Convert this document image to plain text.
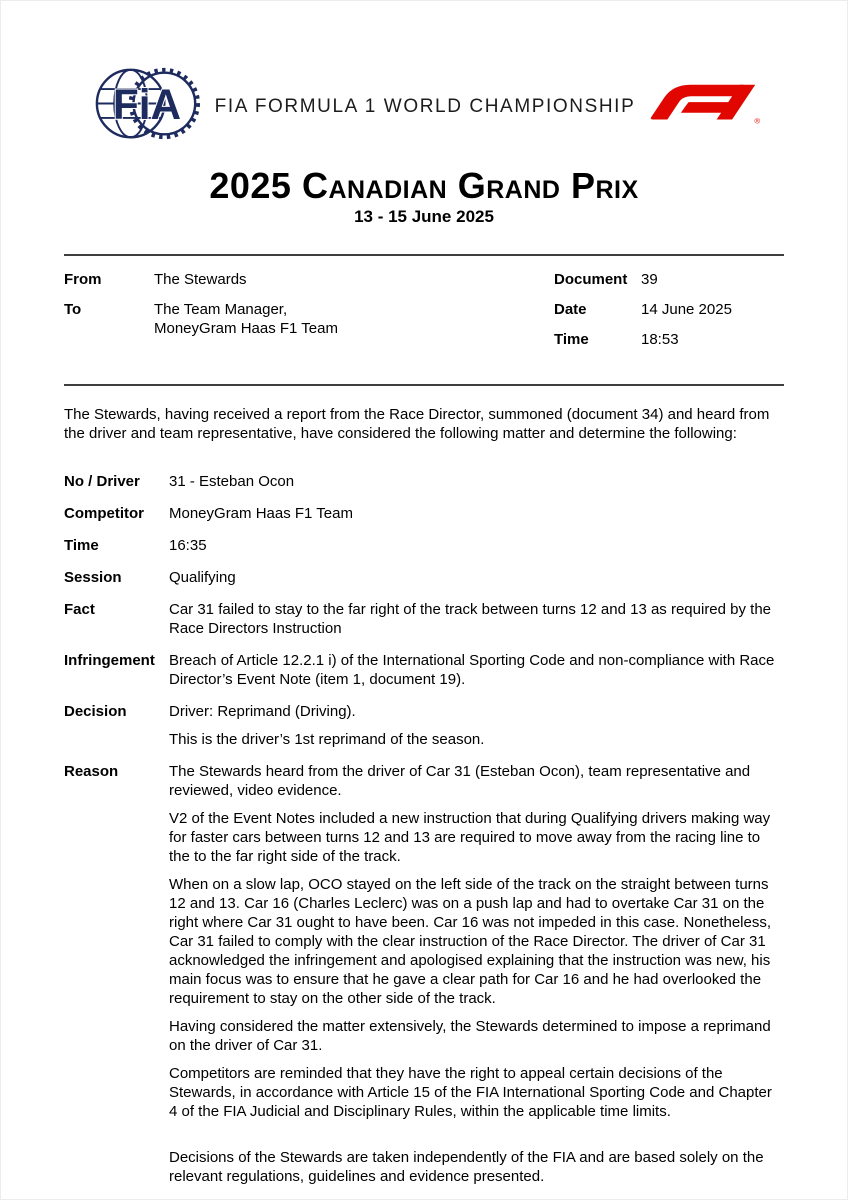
FiA	FIA FORMULA 1 WORLD CHAMPIONSHIP
®
2025 Canadian Grand Prix
13 - 15 June 2025
From	The Stewards
To	The Team Manager,
MoneyGram Haas F1 Team
Document 39
Date	14 June 2025
Time	18:53
The Stewards, having received a report from the Race Director, summoned (document 34) and heard from the driver and team representative, have considered the following matter and determine the following:
No / Driver	31 - Esteban Ocon
Competitor	MoneyGram Haas F1 Team
Time	16:35
Session	Qualifying
Fact	Car 31 failed to stay to the far right of the track between turns 12 and 13 as required by the Race Directors Instruction
Infringement Breach of Article 12.2.1 i) of the International Sporting Code and non-compliance with Race Director’s Event Note (item 1, document 19).
Decision	Driver: Reprimand (Driving).

This is the driver’s 1st reprimand of the season.

Reason	The Stewards heard from the driver of Car 31 (Esteban Ocon), team representative and reviewed, video evidence.

V2 of the Event Notes included a new instruction that during Qualifying drivers making way for faster cars between turns 12 and 13 are required to move away from the racing line to the to the far right side of the track.

When on a slow lap, OCO stayed on the left side of the track on the straight between turns 12 and 13. Car 16 (Charles Leclerc) was on a push lap and had to overtake Car 31 on the right where Car 31 ought to have been. Car 16 was not impeded in this case. Nonetheless, Car 31 failed to comply with the clear instruction of the Race Director. The driver of Car 31 acknowledged the infringement and apologised explaining that the instruction was new, his main focus was to ensure that he gave a clear path for Car 16 and he had overlooked the requirement to stay on the other side of the track.

Having considered the matter extensively, the Stewards determined to impose a reprimand on the driver of Car 31.

Competitors are reminded that they have the right to appeal certain decisions of the Stewards, in accordance with Article 15 of the FIA International Sporting Code and Chapter 4 of the FIA Judicial and Disciplinary Rules, within the applicable time limits.

Decisions of the Stewards are taken independently of the FIA and are based solely on the relevant regulations, guidelines and evidence presented.
